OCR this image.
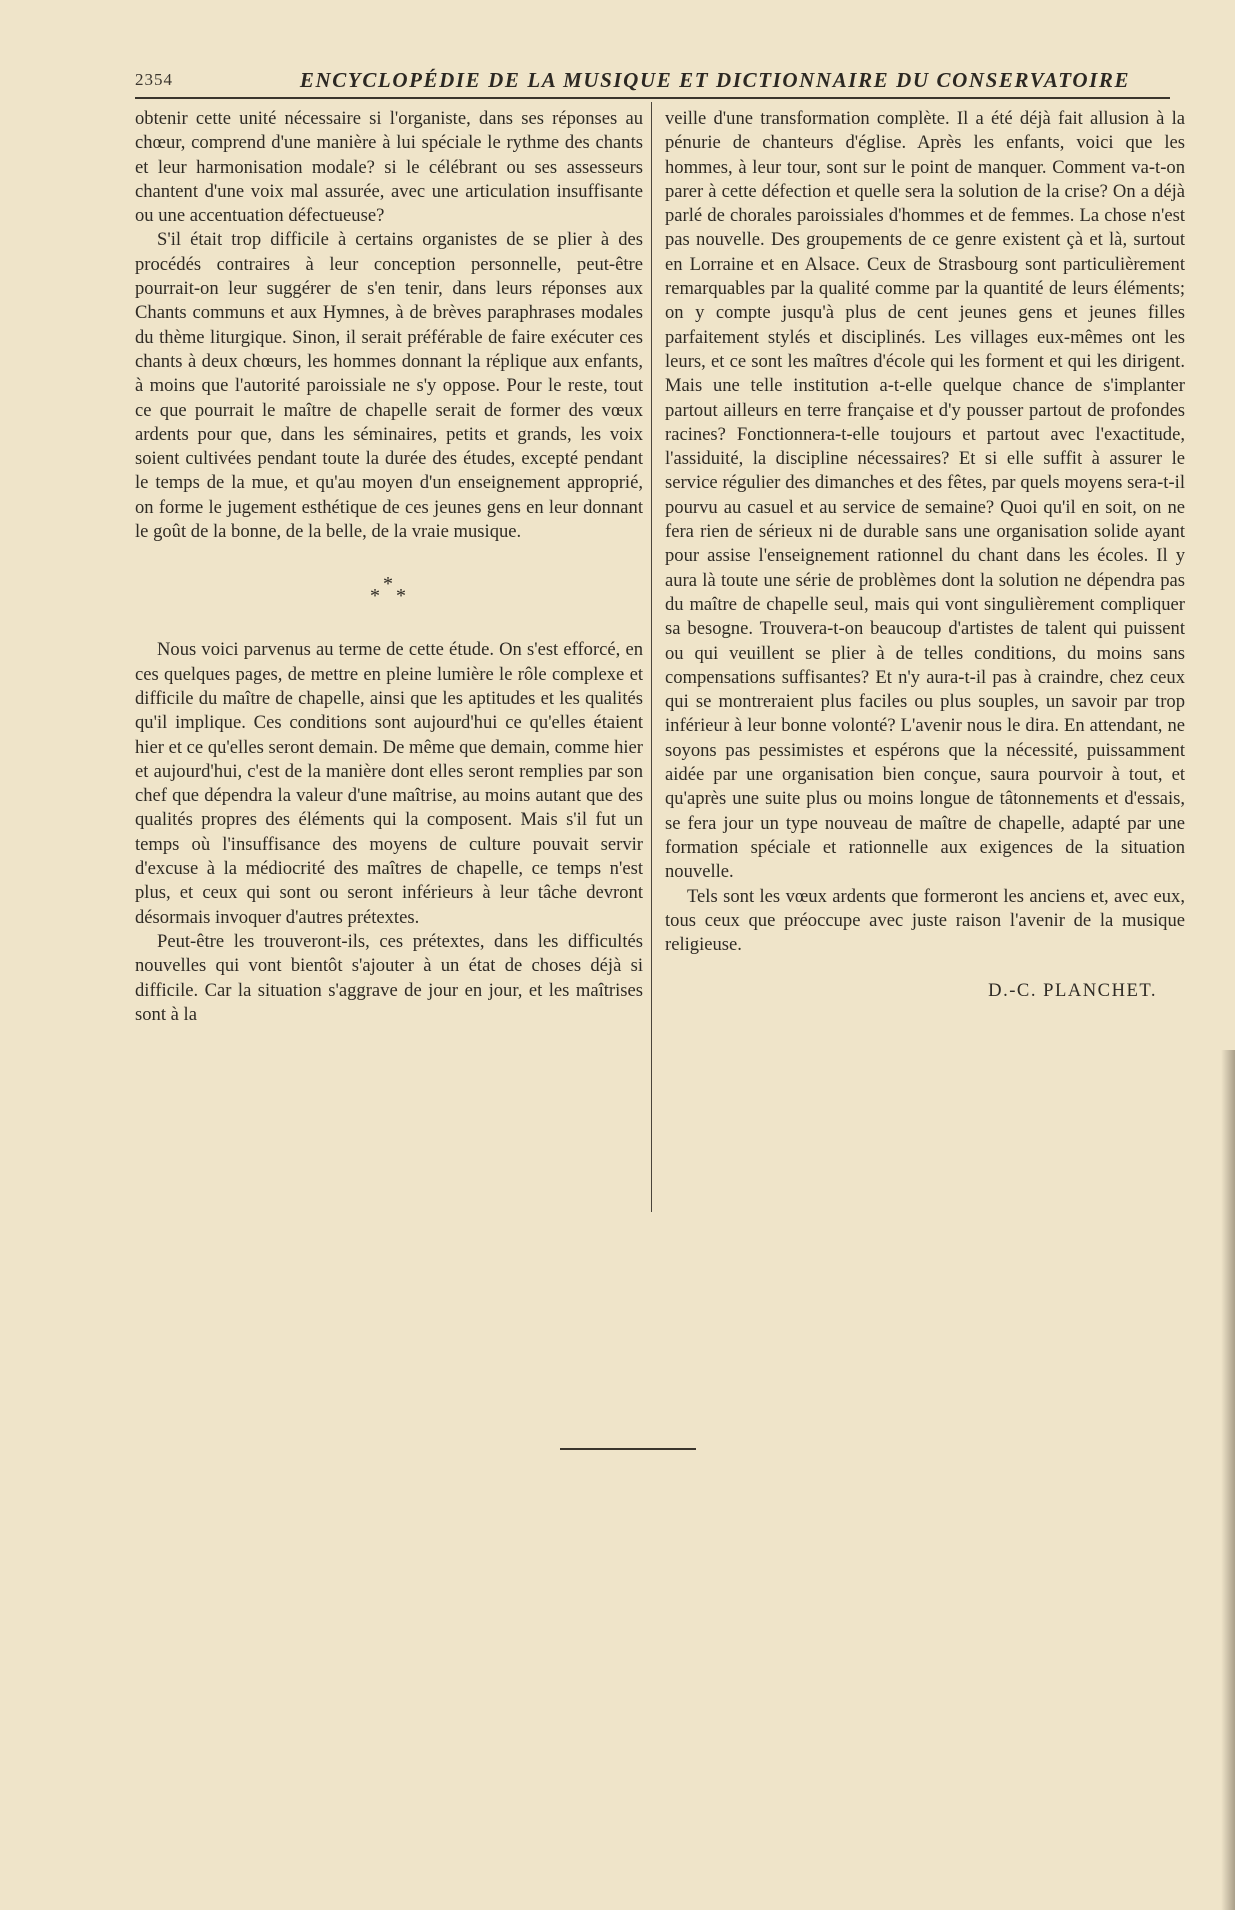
2354	ENCYCLOPÉDIE DE LA MUSIQUE ET DICTIONNAIRE DU CONSERVATOIRE

obtenir cette unité nécessaire si l'organiste, dans ses réponses au chœur, comprend d'une manière à lui spéciale le rythme des chants et leur harmonisation modale? si le célébrant ou ses assesseurs chantent d'une voix mal assurée, avec une articulation insuffisante ou une accentuation défectueuse?

S'il était trop difficile à certains organistes de se plier à des procédés contraires à leur conception personnelle, peut-être pourrait-on leur suggérer de s'en tenir, dans leurs réponses aux Chants communs et aux Hymnes, à de brèves paraphrases modales du thème liturgique. Sinon, il serait préférable de faire exécuter ces chants à deux chœurs, les hommes donnant la réplique aux enfants, à moins que l'autorité paroissiale ne s'y oppose. Pour le reste, tout ce que pourrait le maître de chapelle serait de former des vœux ardents pour que, dans les séminaires, petits et grands, les voix soient cultivées pendant toute la durée des études, excepté pendant le temps de la mue, et qu'au moyen d'un enseignement approprié, on forme le jugement esthétique de ces jeunes gens en leur donnant le goût de la bonne, de la belle, de la vraie musique.

*
* *

Nous voici parvenus au terme de cette étude. On s'est efforcé, en ces quelques pages, de mettre en pleine lumière le rôle complexe et difficile du maître de chapelle, ainsi que les aptitudes et les qualités qu'il implique. Ces conditions sont aujourd'hui ce qu'elles étaient hier et ce qu'elles seront demain. De même que demain, comme hier et aujourd'hui, c'est de la manière dont elles seront remplies par son chef que dépendra la valeur d'une maîtrise, au moins autant que des qualités propres des éléments qui la composent. Mais s'il fut un temps où l'insuffisance des moyens de culture pouvait servir d'excuse à la médiocrité des maîtres de chapelle, ce temps n'est plus, et ceux qui sont ou seront inférieurs à leur tâche devront désormais invoquer d'autres prétextes.

Peut-être les trouveront-ils, ces prétextes, dans les difficultés nouvelles qui vont bientôt s'ajouter à un état de choses déjà si difficile. Car la situation s'aggrave de jour en jour, et les maîtrises sont à la

veille d'une transformation complète. Il a été déjà fait allusion à la pénurie de chanteurs d'église. Après les enfants, voici que les hommes, à leur tour, sont sur le point de manquer. Comment va-t-on parer à cette défection et quelle sera la solution de la crise? On a déjà parlé de chorales paroissiales d'hommes et de femmes. La chose n'est pas nouvelle. Des groupements de ce genre existent çà et là, surtout en Lorraine et en Alsace. Ceux de Strasbourg sont particulièrement remarquables par la qualité comme par la quantité de leurs éléments; on y compte jusqu'à plus de cent jeunes gens et jeunes filles parfaitement stylés et disciplinés. Les villages eux-mêmes ont les leurs, et ce sont les maîtres d'école qui les forment et qui les dirigent. Mais une telle institution a-t-elle quelque chance de s'implanter partout ailleurs en terre française et d'y pousser partout de profondes racines? Fonctionnera-t-elle toujours et partout avec l'exactitude, l'assiduité, la discipline nécessaires? Et si elle suffit à assurer le service régulier des dimanches et des fêtes, par quels moyens sera-t-il pourvu au casuel et au service de semaine? Quoi qu'il en soit, on ne fera rien de sérieux ni de durable sans une organisation solide ayant pour assise l'enseignement rationnel du chant dans les écoles. Il y aura là toute une série de problèmes dont la solution ne dépendra pas du maître de chapelle seul, mais qui vont singulièrement compliquer sa besogne. Trouvera-t-on beaucoup d'artistes de talent qui puissent ou qui veuillent se plier à de telles conditions, du moins sans compensations suffisantes? Et n'y aura-t-il pas à craindre, chez ceux qui se montreraient plus faciles ou plus souples, un savoir par trop inférieur à leur bonne volonté? L'avenir nous le dira. En attendant, ne soyons pas pessimistes et espérons que la nécessité, puissamment aidée par une organisation bien conçue, saura pourvoir à tout, et qu'après une suite plus ou moins longue de tâtonnements et d'essais, se fera jour un type nouveau de maître de chapelle, adapté par une formation spéciale et rationnelle aux exigences de la situation nouvelle.

Tels sont les vœux ardents que formeront les anciens et, avec eux, tous ceux que préoccupe avec juste raison l'avenir de la musique religieuse.

D.-C. PLANCHET.
